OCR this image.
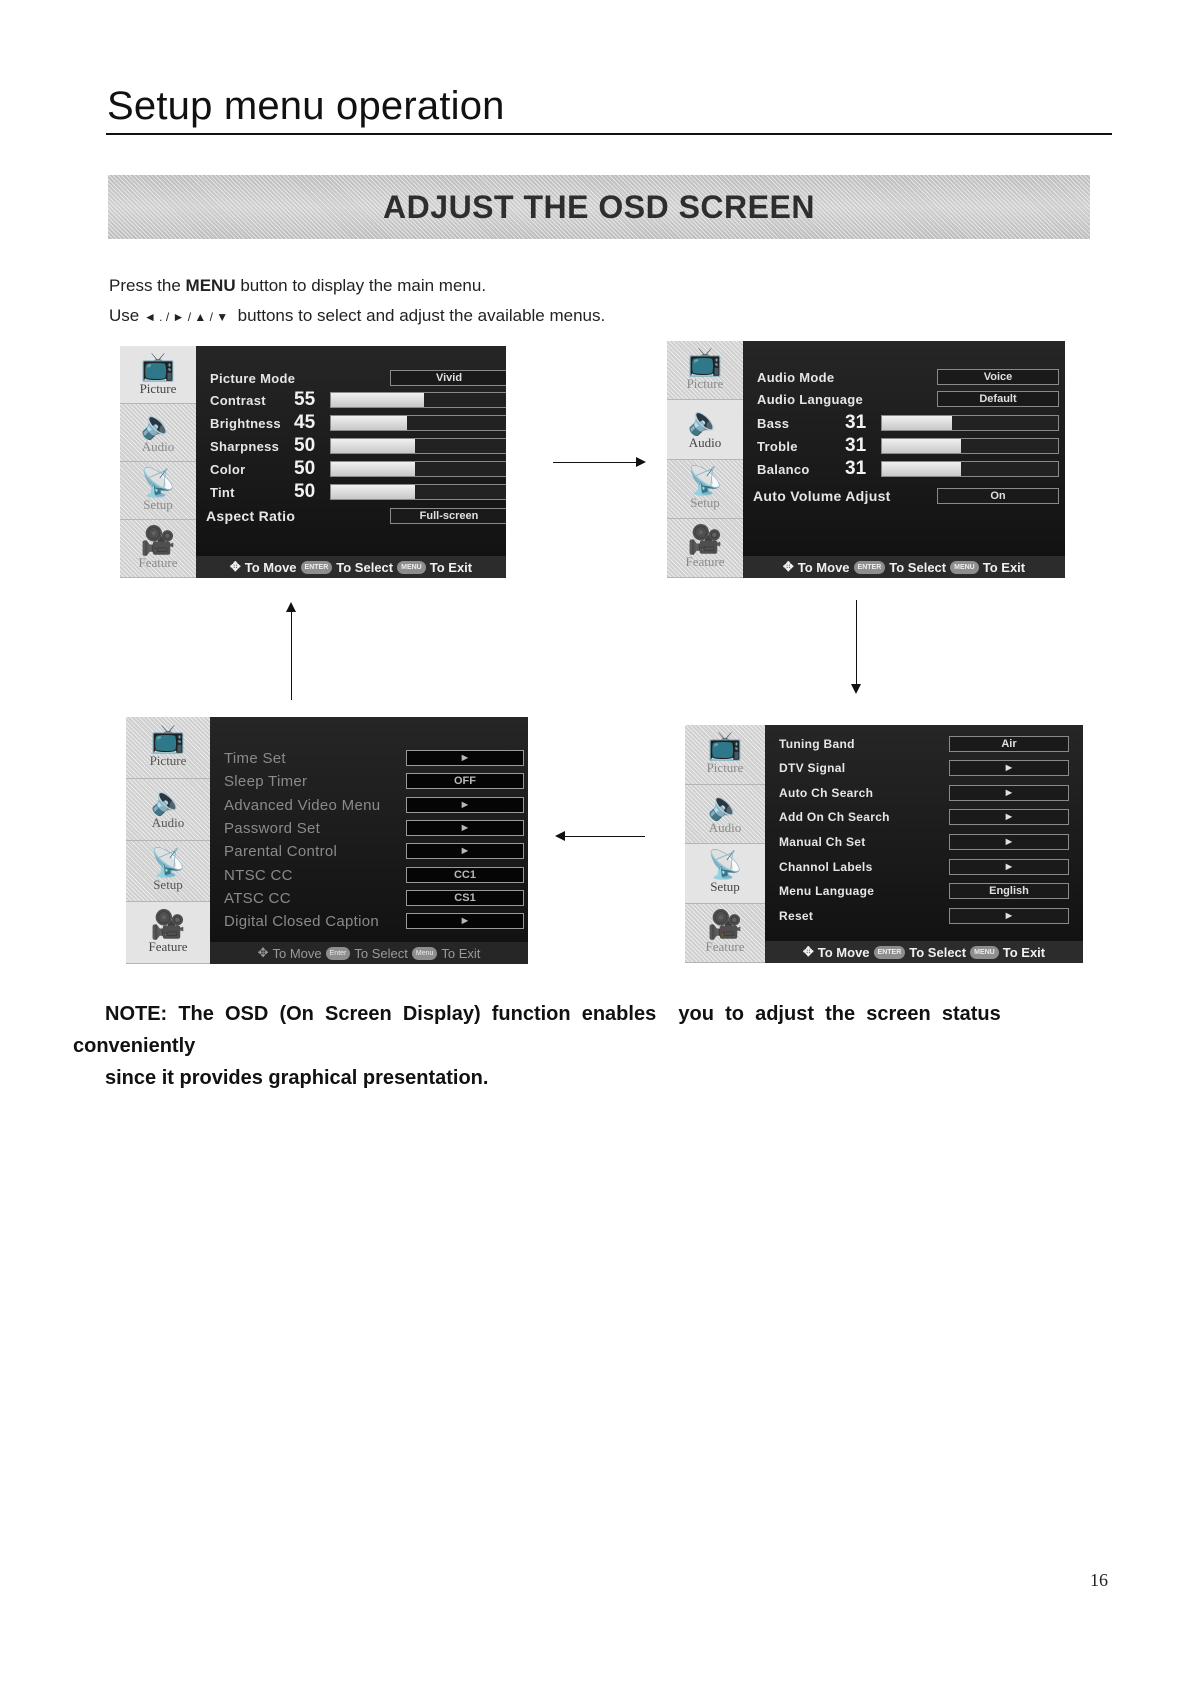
Setup menu operation
ADJUST THE OSD SCREEN
Press the MENU button to display the main menu.
Use ◄ . / ► / ▲ / ▼ buttons to select and adjust the available menus.
📺
Picture
🔈
Audio
📡
Setup
🎥
Feature
Picture Mode	Vivid
Contrast 55
Brightness 45
Sharpness 50
Color	50
Tint	50
Aspect Ratio	Full-screen
✥ To Move	ENTER To Select	MENU To Exit
📺
Picture
🔈
Audio
📡
Setup
🎥
Feature
Audio Mode	Voice
Audio Language	Default
Bass	31
Troble 31
Balanco 31
Auto Volume Adjust	On
✥ To Move	ENTER To Select	MENU To Exit
📺
Picture
🔈
Audio
📡
Setup
🎥
Feature
Time Set	►
Sleep Timer	OFF
Advanced Video Menu	►
Password Set	►
Parental Control	►
NTSC CC	CC1
ATSC CC	CS1
Digital Closed Caption	►
✥ To Move	Enter To Select	Menu To Exit
📺
Picture
🔈
Audio
📡
Setup
🎥
Feature
Tuning Band	Air
DTV Signal	►
Auto Ch Search	►
Add On Ch Search	►
Manual Ch Set	►
Channol Labels	►
Menu Language	English
Reset	►
✥ To Move	ENTER To Select	MENU To Exit
NOTE:  The  OSD  (On  Screen  Display)  function  enables    you  to  adjust  the  screen  status
conveniently
since it provides graphical presentation.
16
